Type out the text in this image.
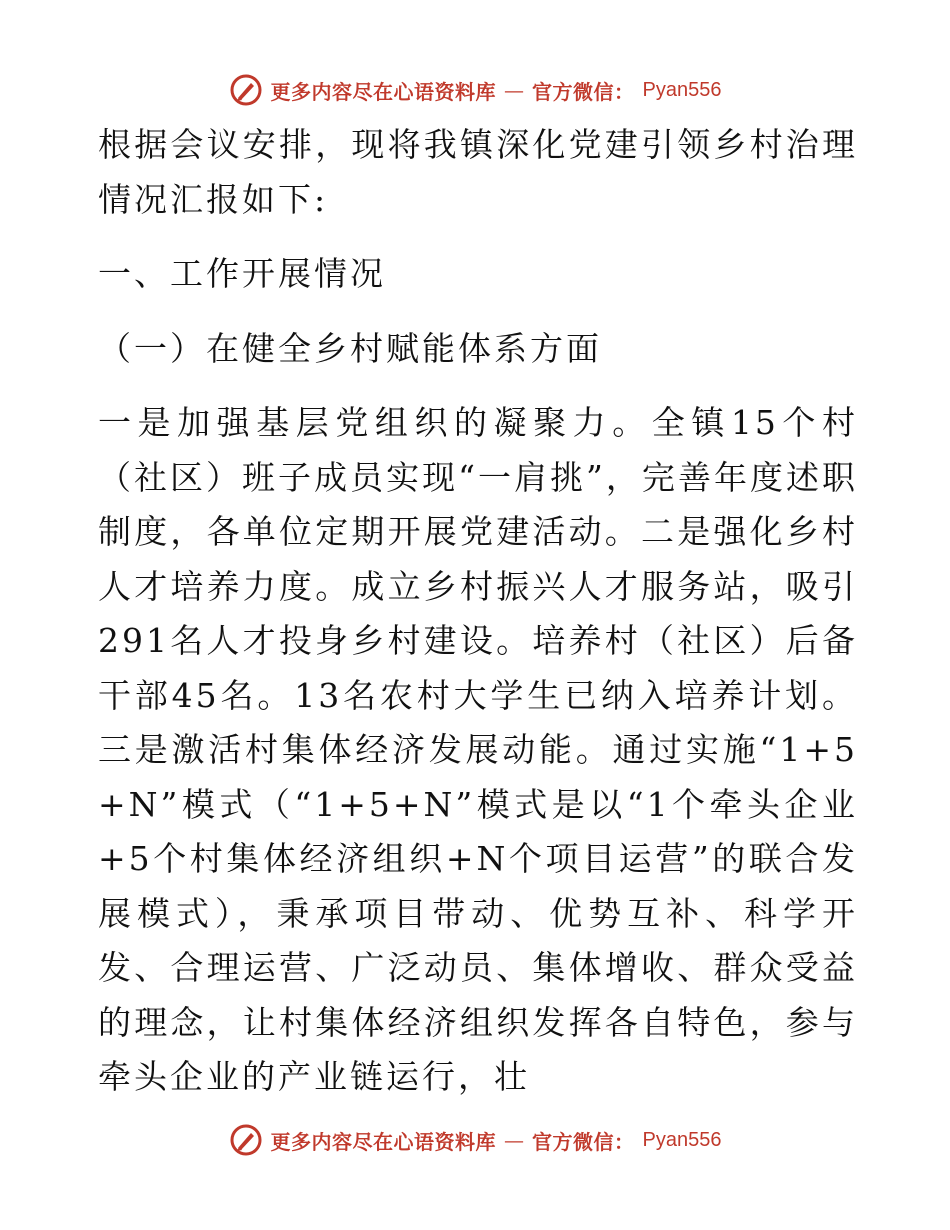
更多内容尽在心语资料库 — 官方微信： Pyan556

根据会议安排，现将我镇深化党建引领乡村治理情况汇报如下:

一、工作开展情况

（一）在健全乡村赋能体系方面

一是加强基层党组织的凝聚力。全镇15个村（社区）班子成员实现“一肩挑”，完善年度述职制度，各单位定期开展党建活动。二是强化乡村人才培养力度。成立乡村振兴人才服务站，吸引291名人才投身乡村建设。培养村（社区）后备干部45名。13名农村大学生已纳入培养计划。三是激活村集体经济发展动能。通过实施“1+5+N”模式（“1+5+N”模式是以“1个牵头企业+5个村集体经济组织+N个项目运营”的联合发展模式），秉承项目带动、优势互补、科学开发、合理运营、广泛动员、集体增收、群众受益的理念，让村集体经济组织发挥各自特色，参与牵头企业的产业链运行，壮

更多内容尽在心语资料库 — 官方微信： Pyan556
